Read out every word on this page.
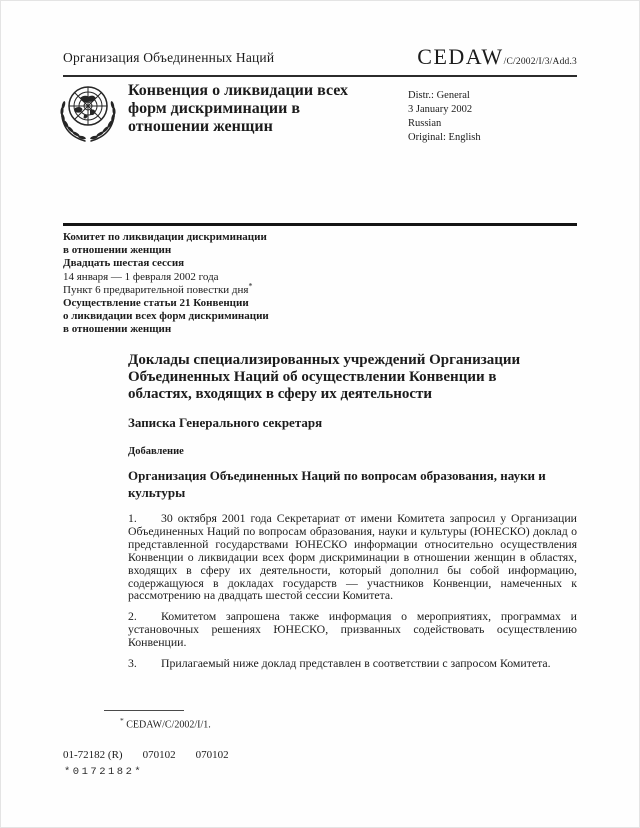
Организация Объединенных Наций	CEDAW/C/2002/I/3/Add.3
Конвенция о ликвидации всех
форм дискриминации в
отношении женщин
Distr.: General
3 January 2002
Russian
Original: English
Комитет по ликвидации дискриминации
в отношении женщин
Двадцать шестая сессия
14 января — 1 февраля 2002 года
Пункт 6 предварительной повестки дня*
Осуществление статьи 21 Конвенции
о ликвидации всех форм дискриминации
в отношении женщин
Доклады специализированных учреждений Организации Объединенных Наций об осуществлении Конвенции в областях, входящих в сферу их деятельности
Записка Генерального секретаря
Добавление
Организация Объединенных Наций по вопросам образования, науки и культуры

1. 30 октября 2001 года Секретариат от имени Комитета запросил у Организации Объединенных Наций по вопросам образования, науки и культуры (ЮНЕСКО) доклад о представленной государствами ЮНЕСКО информации относительно осуществления Конвенции о ликвидации всех форм дискриминации в отношении женщин в областях, входящих в сферу их деятельности, который дополнил бы собой информацию, содержащуюся в докладах государств — участников Конвенции, намеченных к рассмотрению на двадцать шестой сессии Комитета.

2. Комитетом запрошена также информация о мероприятиях, программах и установочных решениях ЮНЕСКО, призванных содействовать осуществлению Конвенции.

3. Прилагаемый ниже доклад представлен в соответствии с запросом Комитета.

* CEDAW/C/2002/I/1.
01-72182 (R) 070102 070102
*0172182*
